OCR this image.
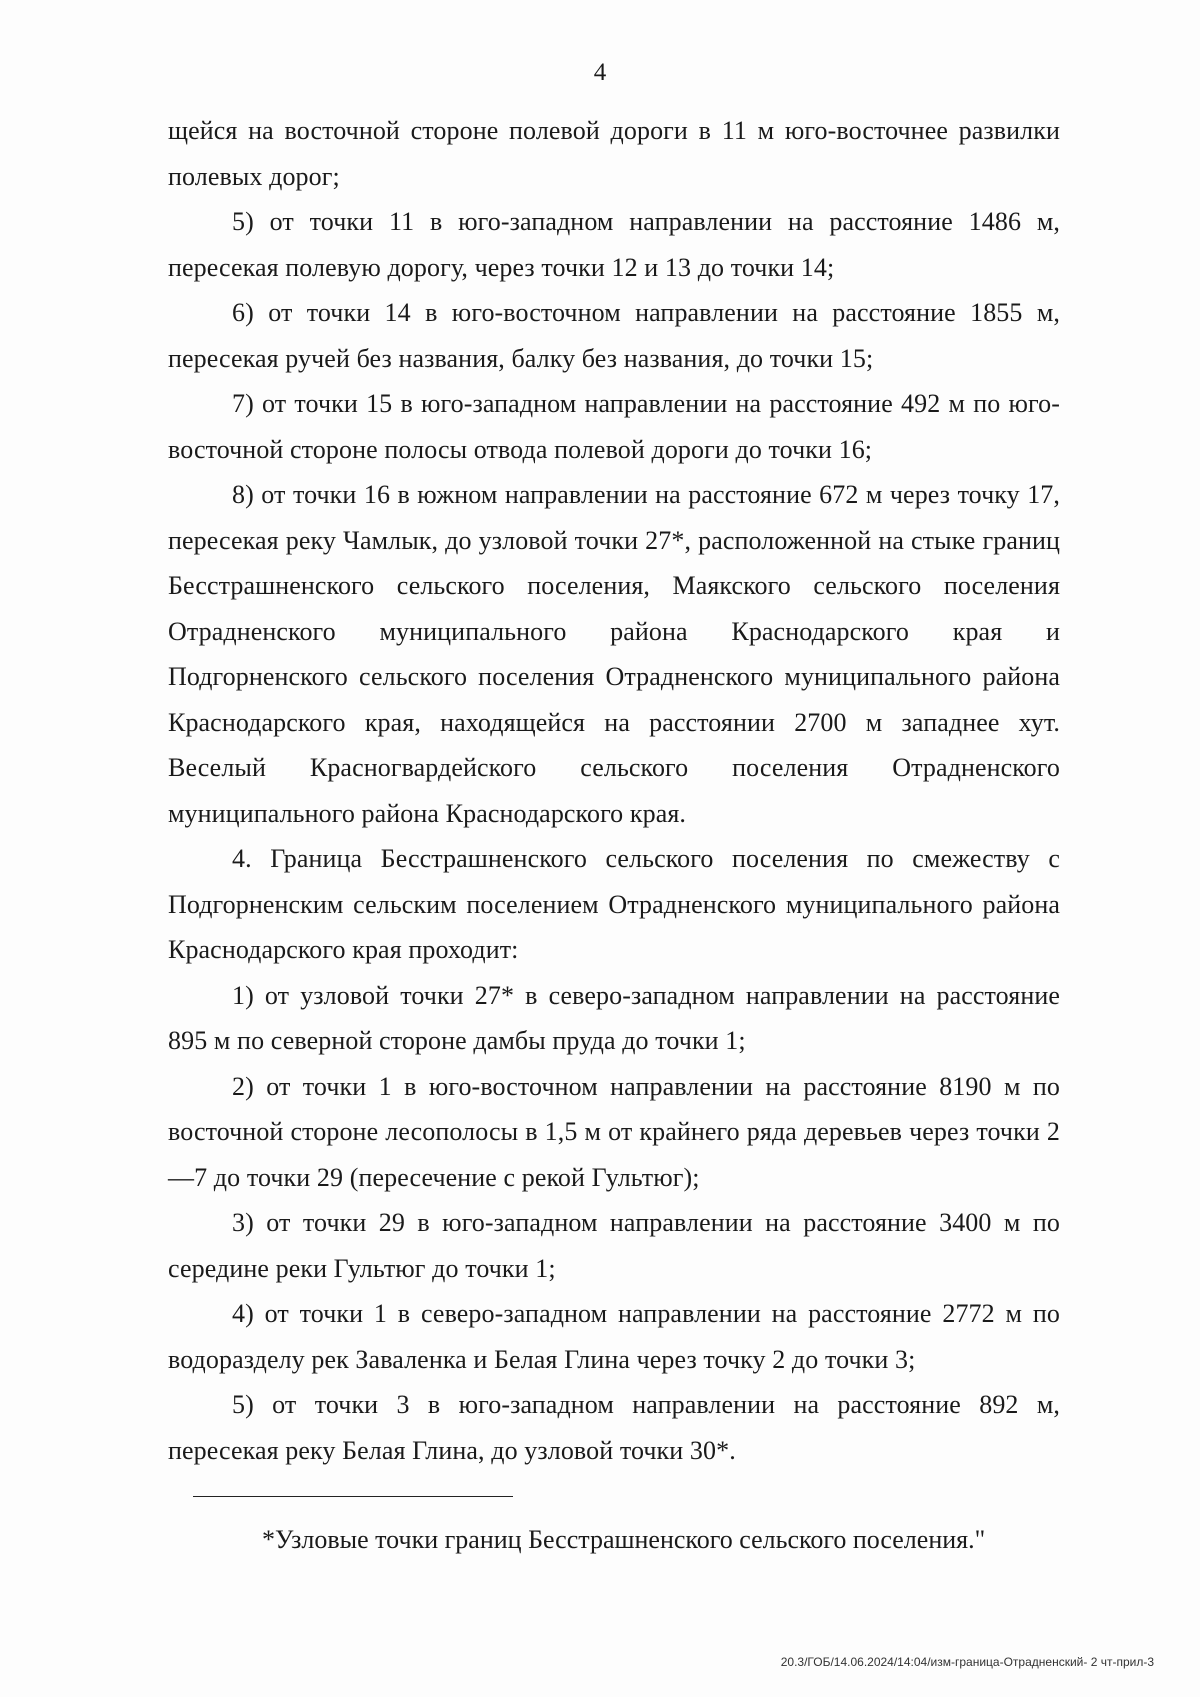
4

щейся на восточной стороне полевой дороги в 11 м юго-восточнее развилки полевых дорог;

5) от точки 11 в юго-западном направлении на расстояние 1486 м, пересекая полевую дорогу, через точки 12 и 13 до точки 14;

6) от точки 14 в юго-восточном направлении на расстояние 1855 м, пересекая ручей без названия, балку без названия, до точки 15;

7) от точки 15 в юго-западном направлении на расстояние 492 м по юго-восточной стороне полосы отвода полевой дороги до точки 16;

8) от точки 16 в южном направлении на расстояние 672 м через точку 17, пересекая реку Чамлык, до узловой точки 27*, расположенной на стыке границ Бесстрашненского сельского поселения, Маякского сельского поселения Отрадненского муниципального района Краснодарского края и Подгорненского сельского поселения Отрадненского муниципального района Краснодарского края, находящейся на расстоянии 2700 м западнее хут. Веселый Красногвардейского сельского поселения Отрадненского муниципального района Краснодарского края.

4. Граница Бесстрашненского сельского поселения по смежеству с Подгорненским сельским поселением Отрадненского муниципального района Краснодарского края проходит:

1) от узловой точки 27* в северо-западном направлении на расстояние 895 м по северной стороне дамбы пруда до точки 1;

2) от точки 1 в юго-восточном направлении на расстояние 8190 м по восточной стороне лесополосы в 1,5 м от крайнего ряда деревьев через точки 2—7 до точки 29 (пересечение с рекой Гультюг);

3) от точки 29 в юго-западном направлении на расстояние 3400 м по середине реки Гультюг до точки 1;

4) от точки 1 в северо-западном направлении на расстояние 2772 м по водоразделу рек Заваленка и Белая Глина через точку 2 до точки 3;

5) от точки 3 в юго-западном направлении на расстояние 892 м, пересекая реку Белая Глина, до узловой точки 30*.

*Узловые точки границ Бесстрашненского сельского поселения."
20.3/ГОБ/14.06.2024/14:04/изм-граница-Отрадненский- 2 чт-прил-3
